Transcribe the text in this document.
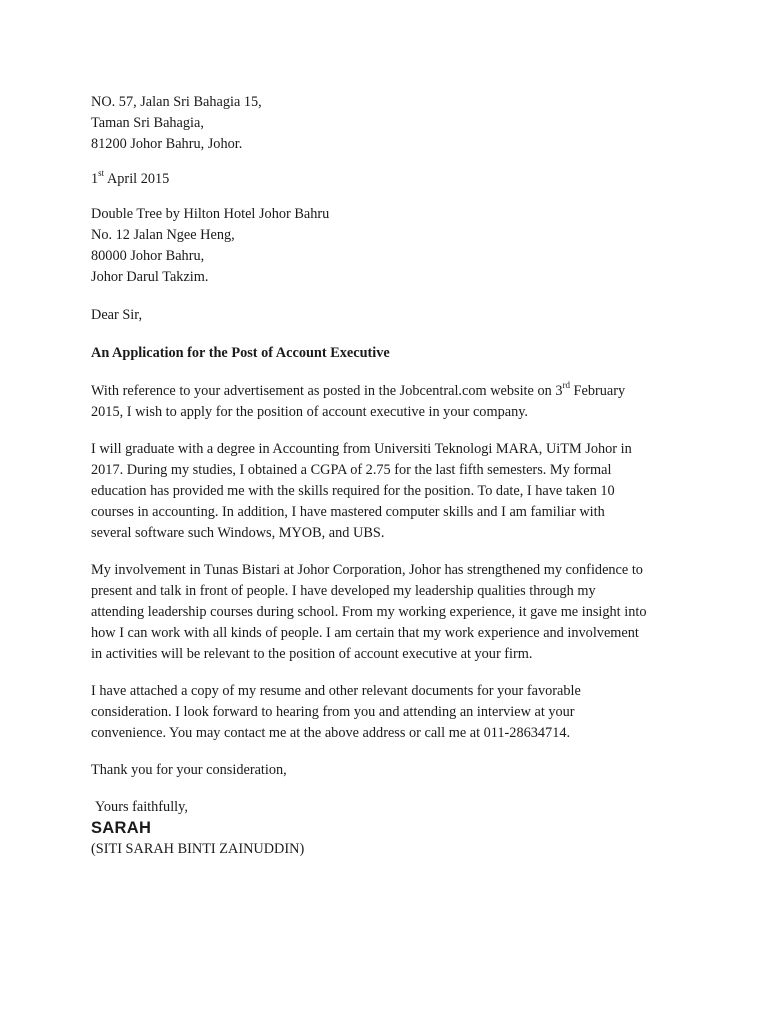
NO. 57, Jalan Sri Bahagia 15,
Taman Sri Bahagia,
81200 Johor Bahru, Johor.
1st April 2015
Double Tree by Hilton Hotel Johor Bahru
No. 12 Jalan Ngee Heng,
80000 Johor Bahru,
Johor Darul Takzim.
Dear Sir,
An Application for the Post of Account Executive
With reference to your advertisement as posted in the Jobcentral.com website on 3rd February
2015, I wish to apply for the position of account executive in your company.
I will graduate with a degree in Accounting from Universiti Teknologi MARA, UiTM Johor in
2017. During my studies, I obtained a CGPA of 2.75 for the last fifth semesters. My formal
education has provided me with the skills required for the position. To date, I have taken 10
courses in accounting. In addition, I have mastered computer skills and I am familiar with
several software such Windows, MYOB, and UBS.
My involvement in Tunas Bistari at Johor Corporation, Johor has strengthened my confidence to
present and talk in front of people. I have developed my leadership qualities through my
attending leadership courses during school. From my working experience, it gave me insight into
how I can work with all kinds of people. I am certain that my work experience and involvement
in activities will be relevant to the position of account executive at your firm.
I have attached a copy of my resume and other relevant documents for your favorable
consideration. I look forward to hearing from you and attending an interview at your
convenience. You may contact me at the above address or call me at 011-28634714.
Thank you for your consideration,
Yours faithfully,
SARAH
(SITI SARAH BINTI ZAINUDDIN)
